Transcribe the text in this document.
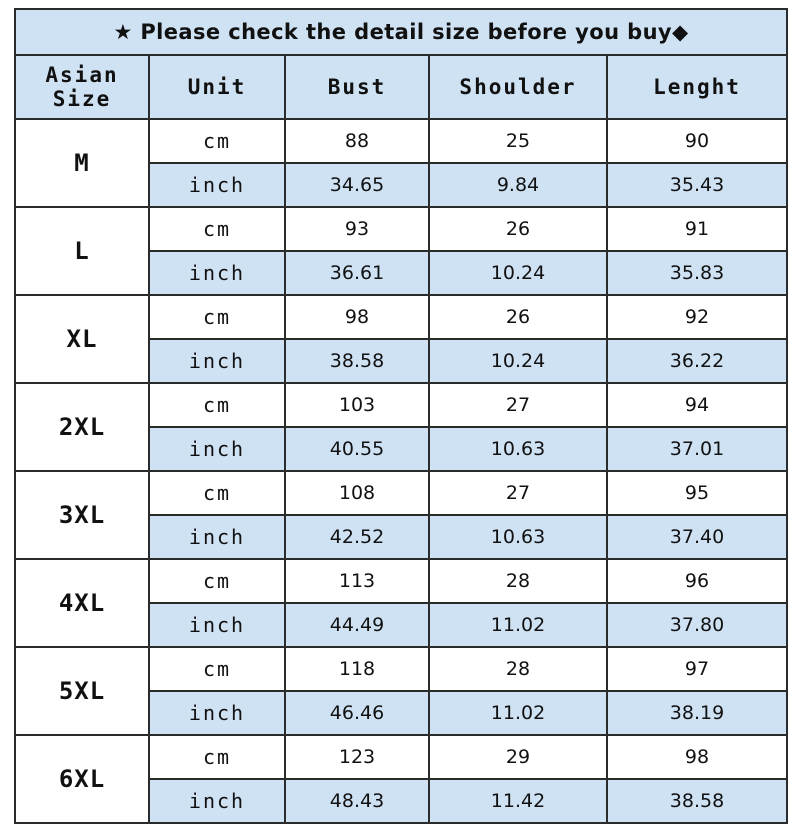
★ Please check the detail size before you buy◆				

Asian
Size	Unit	Bust	Shoulder	Lenght
M	cm	88	25	90
	inch	34.65	9.84	35.43
L	cm	93	26	91
	inch	36.61	10.24	35.83
XL	cm	98	26	92
	inch	38.58	10.24	36.22
2XL	cm	103	27	94
	inch	40.55	10.63	37.01
3XL	cm	108	27	95
	inch	42.52	10.63	37.40
4XL	cm	113	28	96
	inch	44.49	11.02	37.80
5XL	cm	118	28	97
	inch	46.46	11.02	38.19
6XL	cm	123	29	98
	inch	48.43	11.42	38.58
